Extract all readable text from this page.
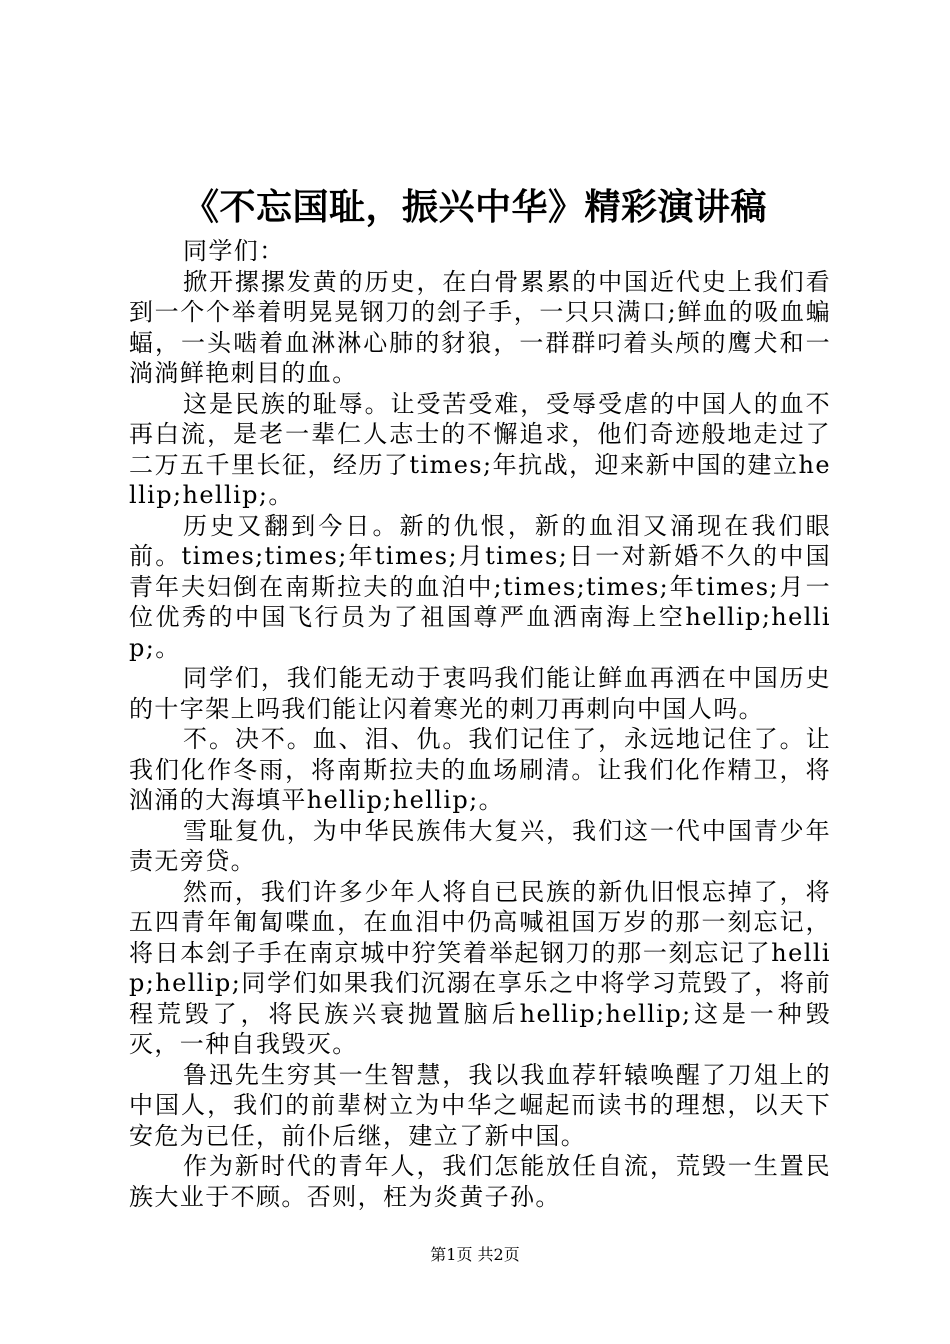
《不忘国耻，振兴中华》精彩演讲稿

同学们：

掀开摞摞发黄的历史，在白骨累累的中国近代史上我们看到一个个举着明晃晃钢刀的刽子手，一只只满口;鲜血的吸血蝙蝠，一头啮着血淋淋心肺的豺狼，一群群叼着头颅的鹰犬和一淌淌鲜艳刺目的血。

这是民族的耻辱。让受苦受难，受辱受虐的中国人的血不再白流，是老一辈仁人志士的不懈追求，他们奇迹般地走过了二万五千里长征，经历了times;年抗战，迎来新中国的建立hellip;hellip;。

历史又翻到今日。新的仇恨，新的血泪又涌现在我们眼前。times;times;年times;月times;日一对新婚不久的中国青年夫妇倒在南斯拉夫的血泊中;times;times;年times;月一位优秀的中国飞行员为了祖国尊严血洒南海上空hellip;hellip;。

同学们，我们能无动于衷吗我们能让鲜血再洒在中国历史的十字架上吗我们能让闪着寒光的刺刀再刺向中国人吗。

不。决不。血、泪、仇。我们记住了，永远地记住了。让我们化作冬雨，将南斯拉夫的血场刷清。让我们化作精卫，将汹涌的大海填平hellip;hellip;。

雪耻复仇，为中华民族伟大复兴，我们这一代中国青少年责无旁贷。

然而，我们许多少年人将自已民族的新仇旧恨忘掉了，将五四青年匍匐喋血，在血泪中仍高喊祖国万岁的那一刻忘记，将日本刽子手在南京城中狞笑着举起钢刀的那一刻忘记了hellip;hellip;同学们如果我们沉溺在享乐之中将学习荒毁了，将前程荒毁了，将民族兴衰抛置脑后hellip;hellip;这是一种毁灭，一种自我毁灭。

鲁迅先生穷其一生智慧，我以我血荐轩辕唤醒了刀俎上的中国人，我们的前辈树立为中华之崛起而读书的理想，以天下安危为已任，前仆后继，建立了新中国。

作为新时代的青年人，我们怎能放任自流，荒毁一生置民族大业于不顾。否则，枉为炎黄子孙。

第1页 共2页
